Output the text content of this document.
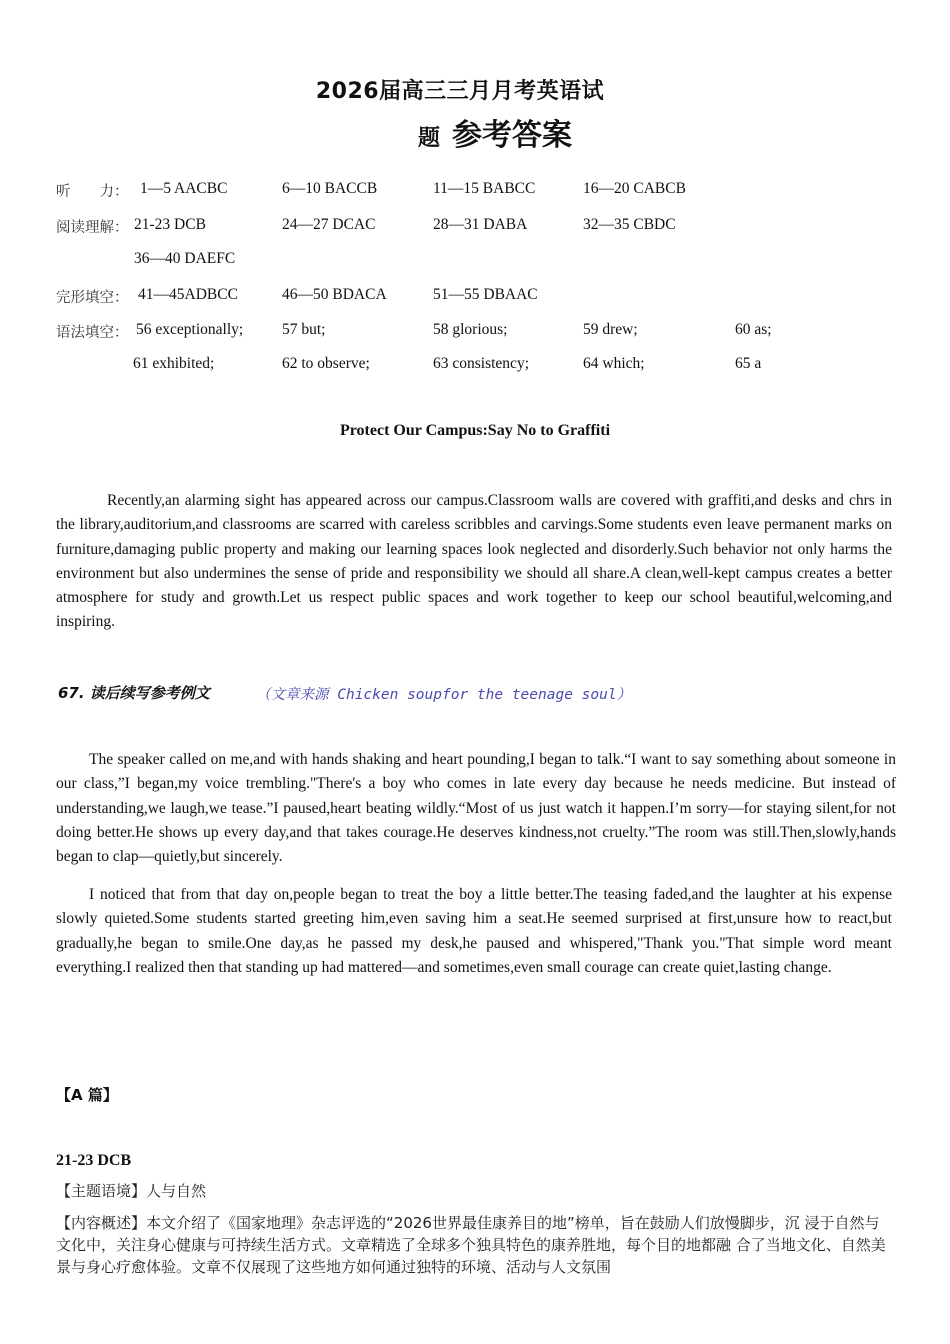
2026届高三三月月考英语试
题 参考答案
听　　力： 1—5 AACBC	6—10 BACCB	11—15 BABCC	16—20 CABCB
阅读理解： 21-23 DCB	24—27 DCAC	28—31 DABA	32—35 CBDC
36—40 DAEFC
完形填空： 41—45ADBCC	46—50 BDACA	51—55 DBAAC
语法填空： 56 exceptionally;	57 but;	58 glorious;	59 drew;	60 as;
61 exhibited;	62 to observe;	63 consistency;	64 which;	65 a
Protect Our Campus:Say No to Graffiti
Recently,an alarming sight has appeared across our campus.Classroom walls are covered with graffiti,and desks and chrs in the library,auditorium,and classrooms are scarred with careless scribbles and carvings.Some students even leave permanent marks on furniture,damaging public property and making our learning spaces look neglected and disorderly.Such behavior not only harms the environment but also undermines the sense of pride and responsibility we should all share.A clean,well-kept campus creates a better atmosphere for study and growth.Let us respect public spaces and work together to keep our school beautiful,welcoming,and inspiring.
67. 读后续写参考例文	（文章来源 Chicken soupfor the teenage soul）
The speaker called on me,and with hands shaking and heart pounding,I began to talk.“I want to say something about someone in our class,”I began,my voice trembling."There's a boy who comes in late every day because he needs medicine. But instead of understanding,we laugh,we tease.”I paused,heart beating wildly.“Most of us just watch it happen.I’m sorry—for staying silent,for not doing better.He shows up every day,and that takes courage.He deserves kindness,not cruelty.”The room was still.Then,slowly,hands began to clap—quietly,but sincerely.
I noticed that from that day on,people began to treat the boy a little better.The teasing faded,and the laughter at his expense slowly quieted.Some students started greeting him,even saving him a seat.He seemed surprised at first,unsure how to react,but gradually,he began to smile.One day,as he passed my desk,he paused and whispered,"Thank you."That simple word meant everything.I realized then that standing up had mattered—and sometimes,even small courage can create quiet,lasting change.
【A 篇】
21-23 DCB
【主题语境】人与自然
【内容概述】本文介绍了《国家地理》杂志评选的“2026世界最佳康养目的地”榜单，旨在鼓励人们放慢脚步，沉 浸于自然与文化中，关注身心健康与可持续生活方式。文章精选了全球多个独具特色的康养胜地，每个目的地都融 合了当地文化、自然美景与身心疗愈体验。文章不仅展现了这些地方如何通过独特的环境、活动与人文氛围
